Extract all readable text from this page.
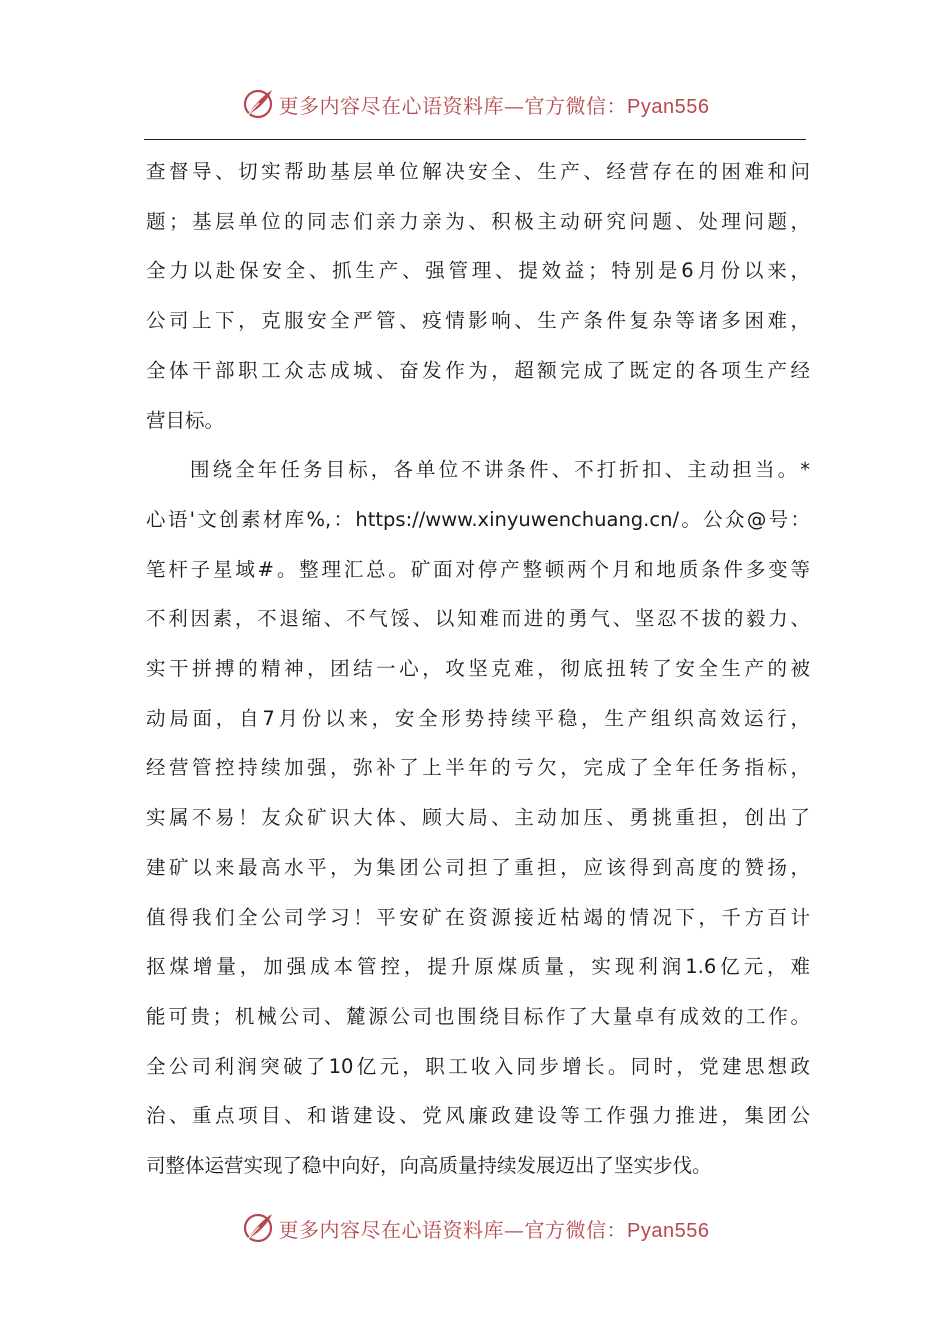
更多内容尽在心语资料库—官方微信：Pyan556

查督导、切实帮助基层单位解决安全、生产、经营存在的困难和问
题；基层单位的同志们亲力亲为、积极主动研究问题、处理问题，
全力以赴保安全、抓生产、强管理、提效益；特别是6月份以来，
公司上下，克服安全严管、疫情影响、生产条件复杂等诸多困难，
全体干部职工众志成城、奋发作为，超额完成了既定的各项生产经
营目标。

围绕全年任务目标，各单位不讲条件、不打折扣、主动担当。*
心语'文创素材库%,：https://www.xinyuwenchuang.cn/。公众@号：
笔杆子星域#。整理汇总。矿面对停产整顿两个月和地质条件多变等
不利因素，不退缩、不气馁、以知难而进的勇气、坚忍不拔的毅力、
实干拼搏的精神，团结一心，攻坚克难，彻底扭转了安全生产的被
动局面，自7月份以来，安全形势持续平稳，生产组织高效运行，
经营管控持续加强，弥补了上半年的亏欠，完成了全年任务指标，
实属不易！友众矿识大体、顾大局、主动加压、勇挑重担，创出了
建矿以来最高水平，为集团公司担了重担，应该得到高度的赞扬，
值得我们全公司学习！平安矿在资源接近枯竭的情况下，千方百计
抠煤增量，加强成本管控，提升原煤质量，实现利润1.6亿元，难
能可贵；机械公司、麓源公司也围绕目标作了大量卓有成效的工作。
全公司利润突破了10亿元，职工收入同步增长。同时，党建思想政
治、重点项目、和谐建设、党风廉政建设等工作强力推进，集团公
司整体运营实现了稳中向好，向高质量持续发展迈出了坚实步伐。

更多内容尽在心语资料库—官方微信：Pyan556
